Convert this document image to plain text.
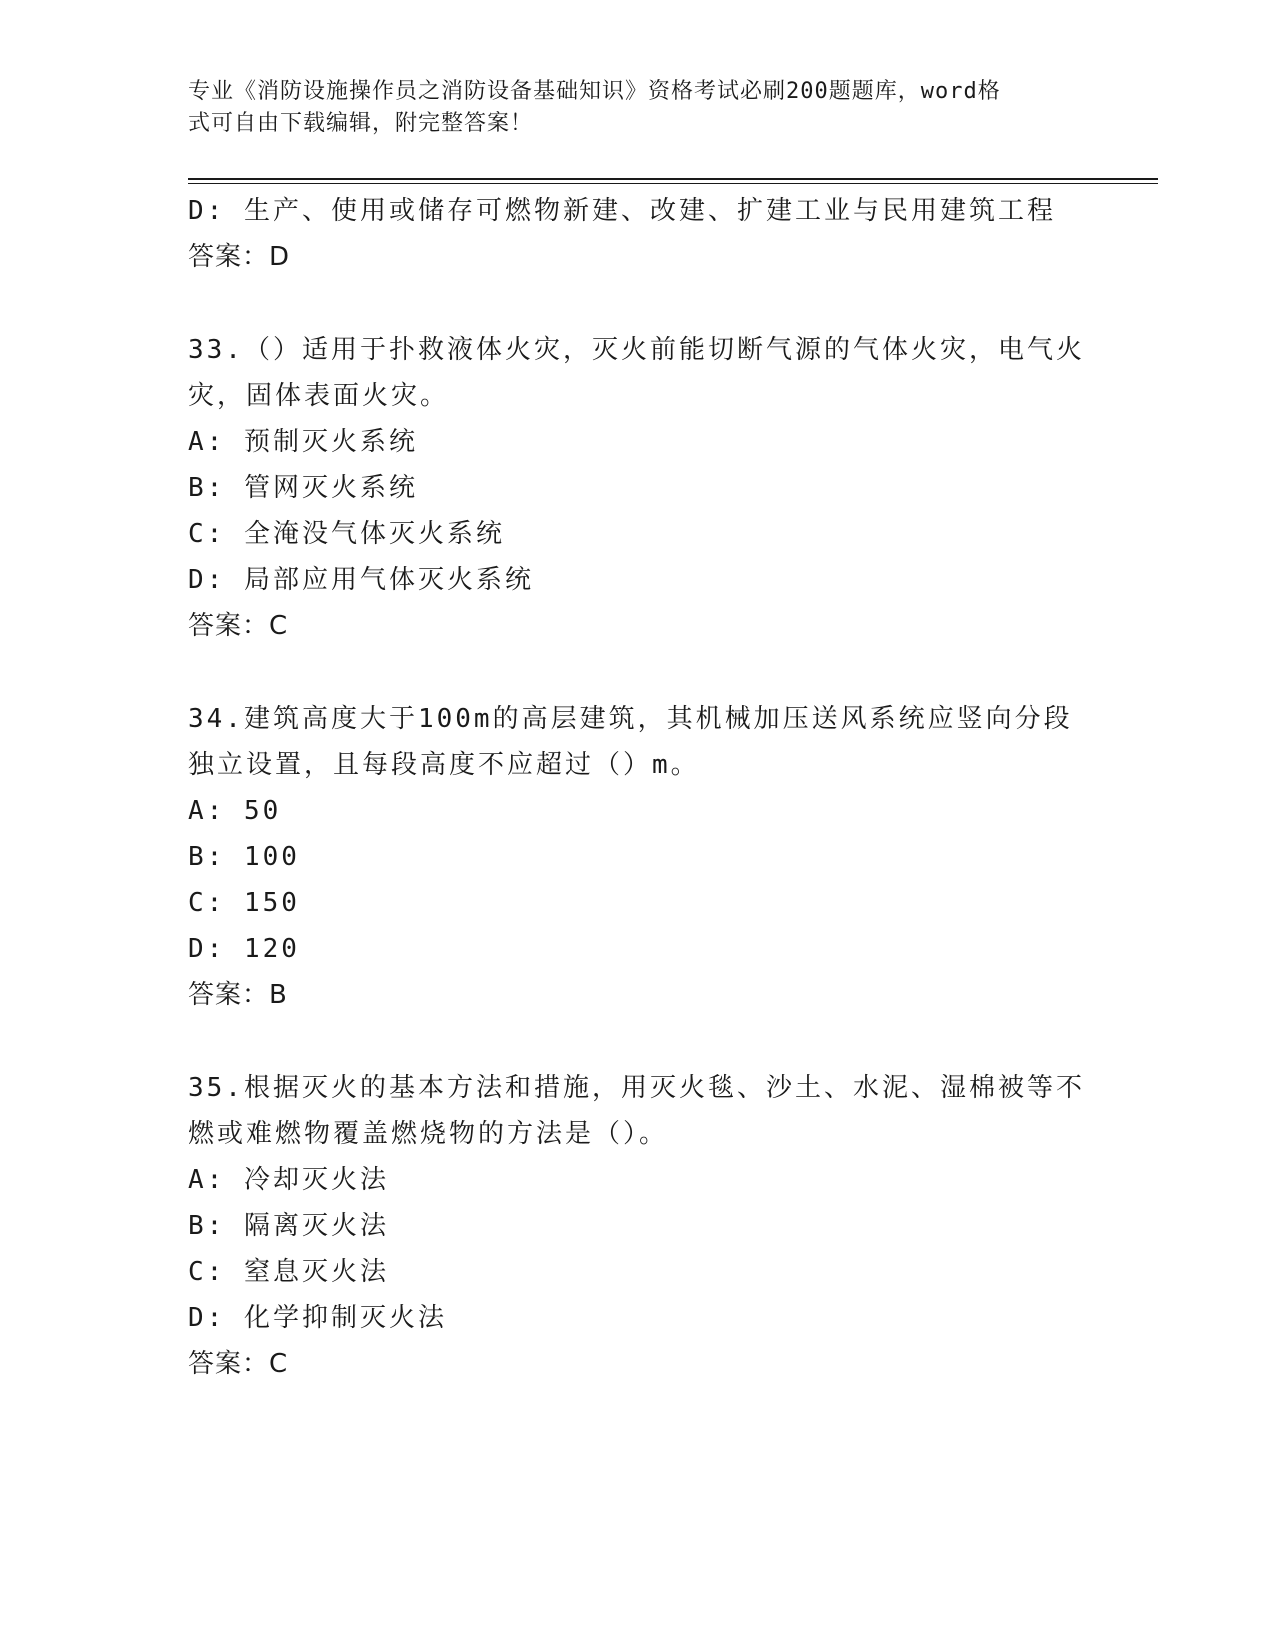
专业《消防设施操作员之消防设备基础知识》资格考试必刷200题题库，word格
式可自由下载编辑，附完整答案！
D: 生产、使用或储存可燃物新建、改建、扩建工业与民用建筑工程
答案：D
33.（）适用于扑救液体火灾，灭火前能切断气源的气体火灾，电气火
灾，固体表面火灾。
A: 预制灭火系统
B: 管网灭火系统
C: 全淹没气体灭火系统
D: 局部应用气体灭火系统
答案：C
34.建筑高度大于100m的高层建筑，其机械加压送风系统应竖向分段
独立设置，且每段高度不应超过（）m。
A: 50
B: 100
C: 150
D: 120
答案：B
35.根据灭火的基本方法和措施，用灭火毯、沙土、水泥、湿棉被等不
燃或难燃物覆盖燃烧物的方法是（）。
A: 冷却灭火法
B: 隔离灭火法
C: 窒息灭火法
D: 化学抑制灭火法
答案：C
